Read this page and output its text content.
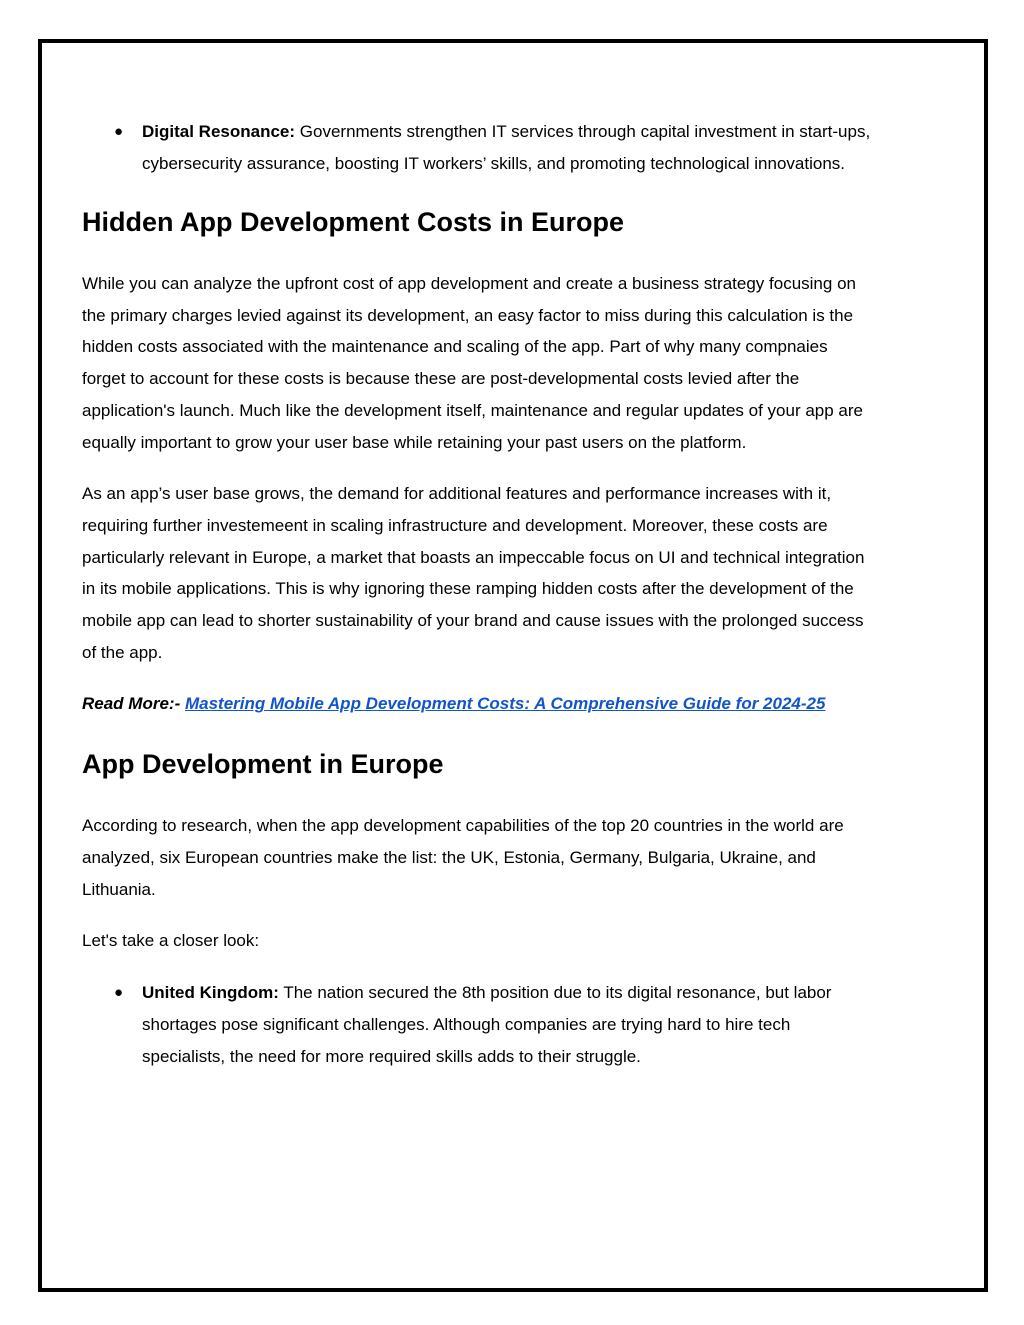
● Digital Resonance: Governments strengthen IT services through capital investment in start-ups, cybersecurity assurance, boosting IT workers’ skills, and promoting technological innovations.
Hidden App Development Costs in Europe

While you can analyze the upfront cost of app development and create a business strategy focusing on the primary charges levied against its development, an easy factor to miss during this calculation is the hidden costs associated with the maintenance and scaling of the app. Part of why many compnaies forget to account for these costs is because these are post-developmental costs levied after the application's launch. Much like the development itself, maintenance and regular updates of your app are equally important to grow your user base while retaining your past users on the platform.

As an app’s user base grows, the demand for additional features and performance increases with it, requiring further investemeent in scaling infrastructure and development. Moreover, these costs are particularly relevant in Europe, a market that boasts an impeccable focus on UI and technical integration in its mobile applications. This is why ignoring these ramping hidden costs after the development of the mobile app can lead to shorter sustainability of your brand and cause issues with the prolonged success of the app.

Read More:- Mastering Mobile App Development Costs: A Comprehensive Guide for 2024-25

App Development in Europe

According to research, when the app development capabilities of the top 20 countries in the world are analyzed, six European countries make the list: the UK, Estonia, Germany, Bulgaria, Ukraine, and Lithuania.

Let's take a closer look:

● United Kingdom: The nation secured the 8th position due to its digital resonance, but labor shortages pose significant challenges. Although companies are trying hard to hire tech specialists, the need for more required skills adds to their struggle.
